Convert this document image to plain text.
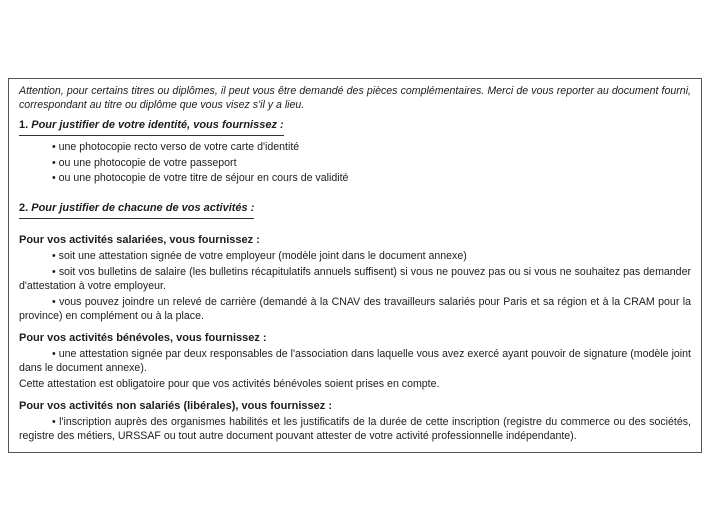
Attention, pour certains titres ou diplômes, il peut vous être demandé des pièces complémentaires. Merci de vous reporter au document fourni, correspondant au titre ou diplôme que vous visez s'il y a lieu.

1. Pour justifier de votre identité, vous fournissez :
• une photocopie recto verso de votre carte d'identité
• ou une photocopie de votre passeport
• ou une photocopie de votre titre de séjour en cours de validité
2. Pour justifier de chacune de vos activités :
Pour vos activités salariées, vous fournissez :

• soit une attestation signée de votre employeur (modèle joint dans le document annexe)

• soit vos bulletins de salaire (les bulletins récapitulatifs annuels suffisent) si vous ne pouvez pas ou si vous ne souhaitez pas demander d'attestation à votre employeur.

• vous pouvez joindre un relevé de carrière (demandé à la CNAV des travailleurs salariés pour Paris et sa région et à la CRAM pour la province) en complément ou à la place.

Pour vos activités bénévoles, vous fournissez :

• une attestation signée par deux responsables de l'association dans laquelle vous avez exercé ayant pouvoir de signature (modèle joint dans le document annexe).

Cette attestation est obligatoire pour que vos activités bénévoles soient prises en compte.

Pour vos activités non salariés (libérales), vous fournissez :

• l'inscription auprès des organismes habilités et les justificatifs de la durée de cette inscription (registre du commerce ou des sociétés, registre des métiers, URSSAF ou tout autre document pouvant attester de votre activité professionnelle indépendante).
